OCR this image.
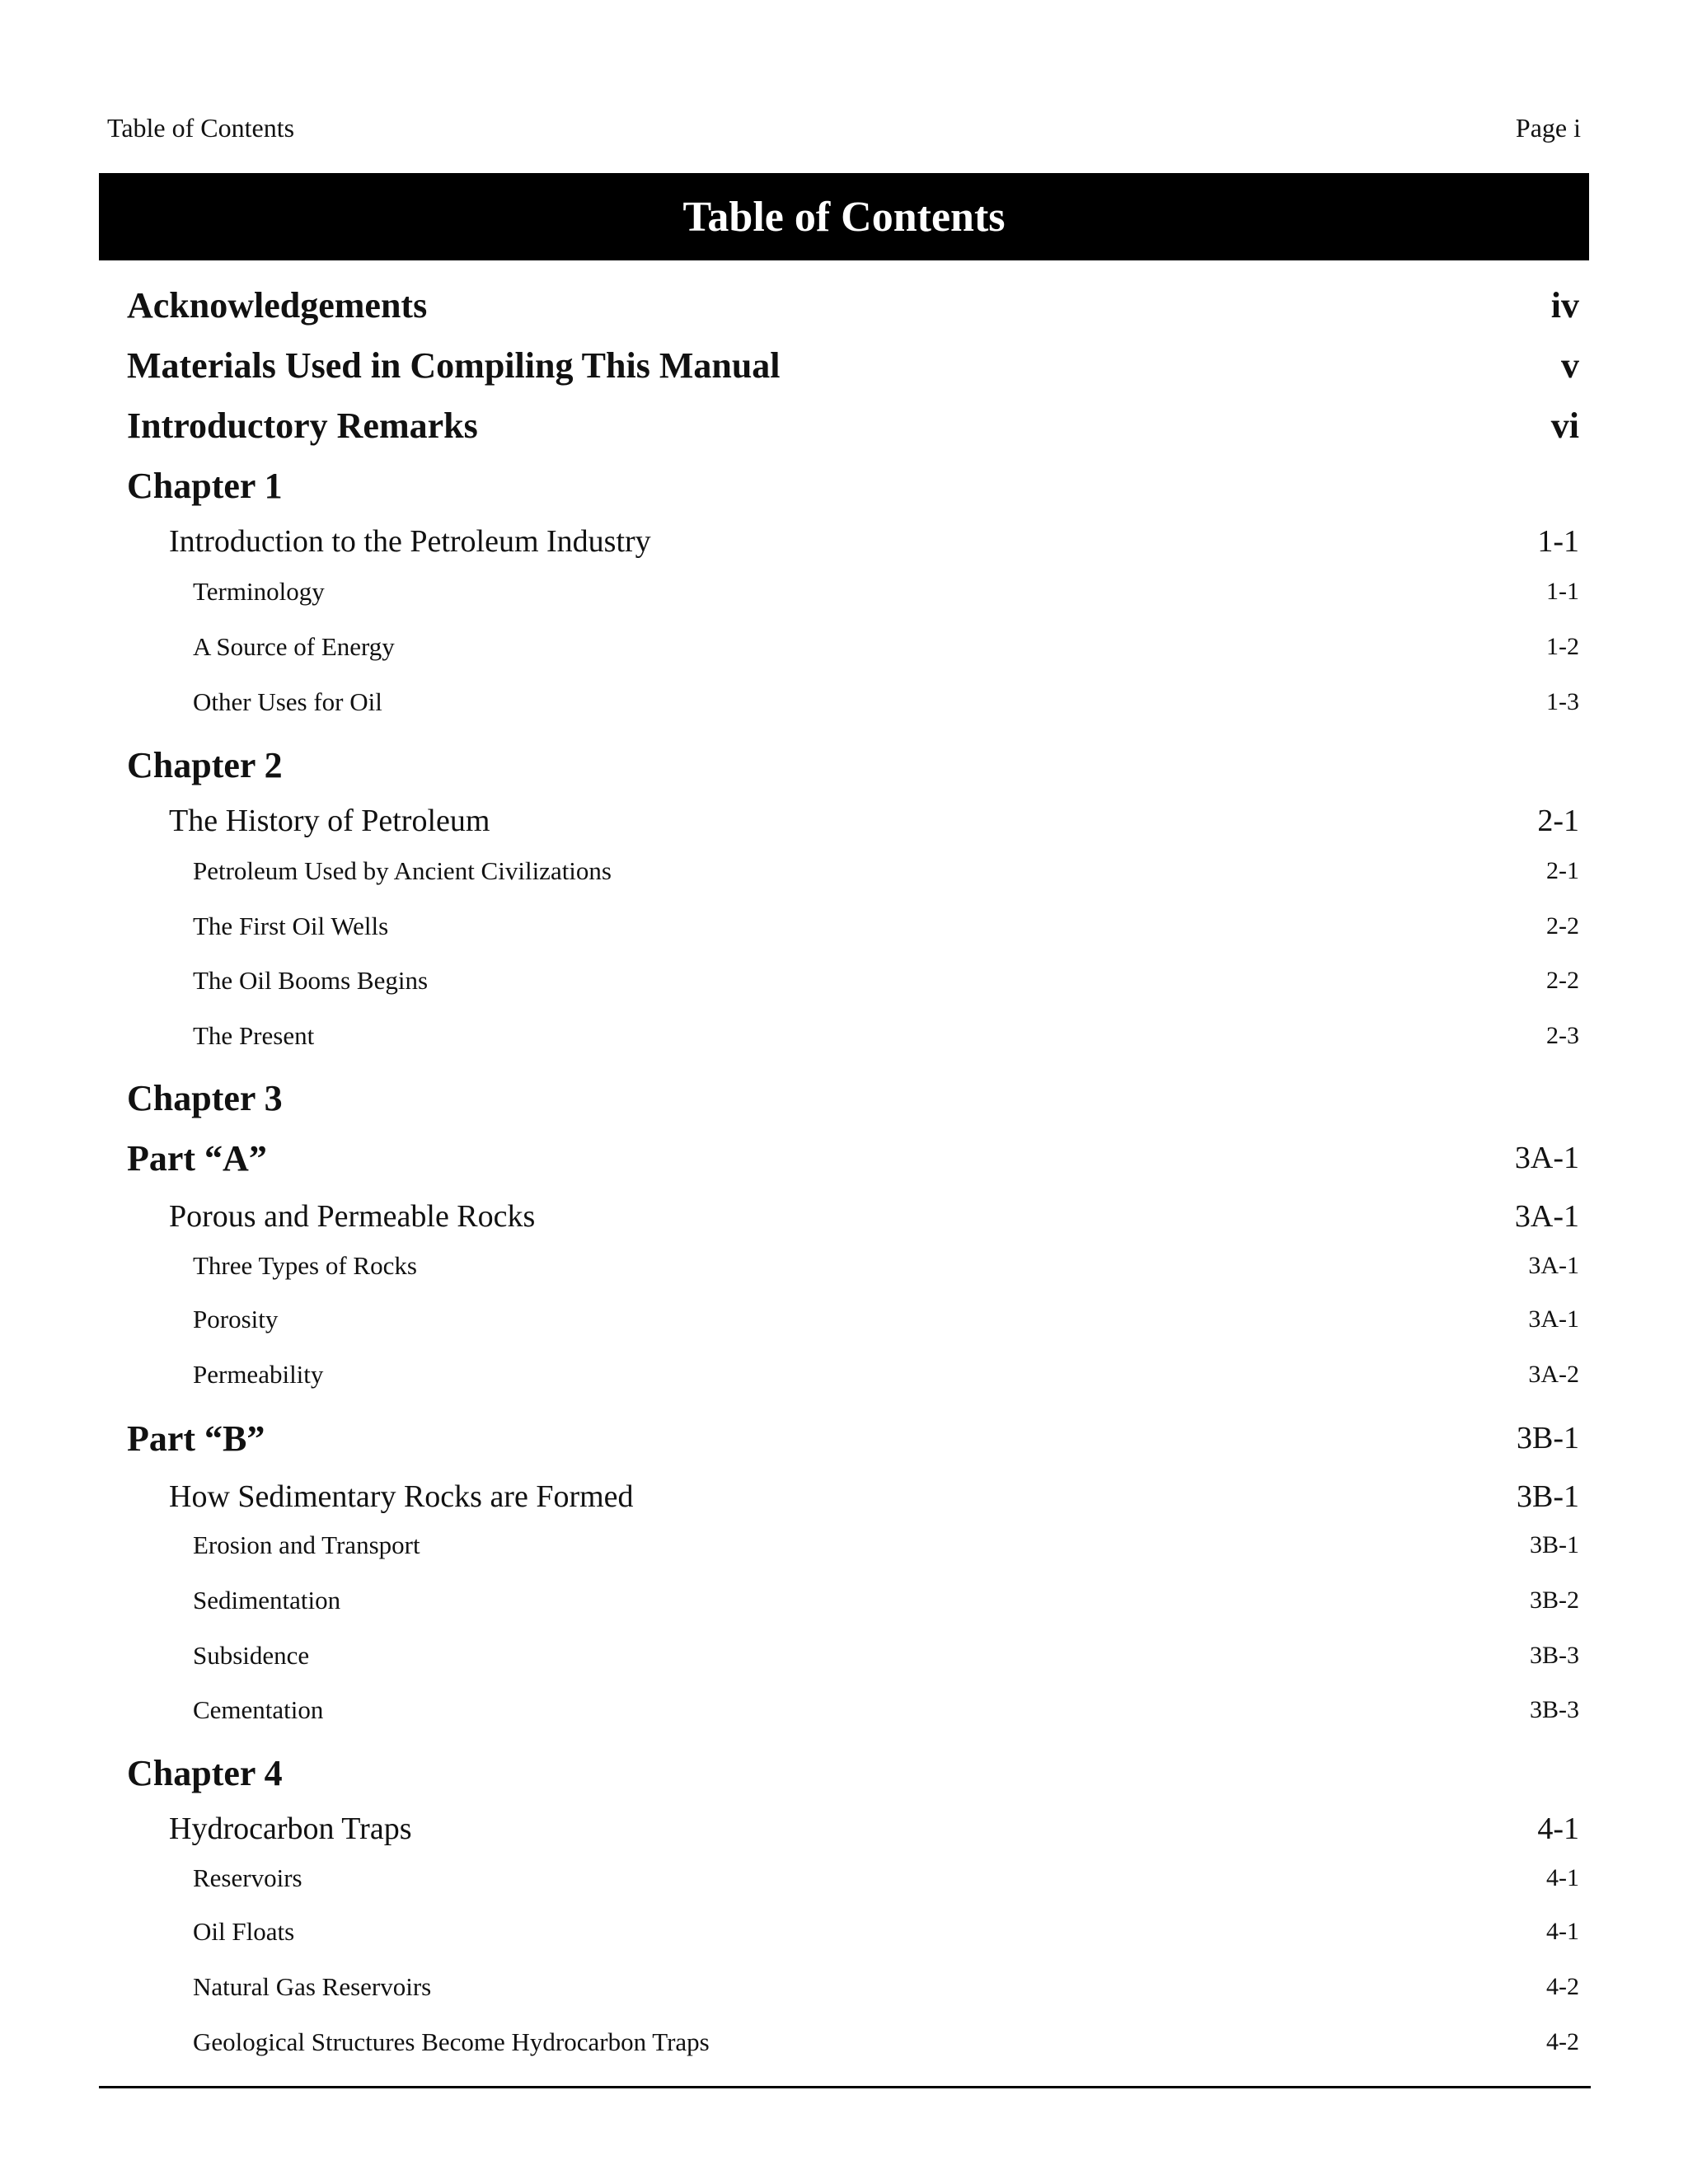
Table of Contents	Page i
Table of Contents
Acknowledgements	iv
Materials Used in Compiling This Manual	v
Introductory Remarks	vi
Chapter 1
Introduction to the Petroleum Industry	1-1
Terminology	1-1
A Source of Energy	1-2
Other Uses for Oil	1-3
Chapter 2
The History of Petroleum	2-1
Petroleum Used by Ancient Civilizations	2-1
The First Oil Wells	2-2
The Oil Booms Begins	2-2
The Present	2-3
Chapter 3
Part “A”	3A-1
Porous and Permeable Rocks	3A-1
Three Types of Rocks	3A-1
Porosity	3A-1
Permeability	3A-2
Part “B”	3B-1
How Sedimentary Rocks are Formed	3B-1
Erosion and Transport	3B-1
Sedimentation	3B-2
Subsidence	3B-3
Cementation	3B-3
Chapter 4
Hydrocarbon Traps	4-1
Reservoirs	4-1
Oil Floats	4-1
Natural Gas Reservoirs	4-2
Geological Structures Become Hydrocarbon Traps	4-2
